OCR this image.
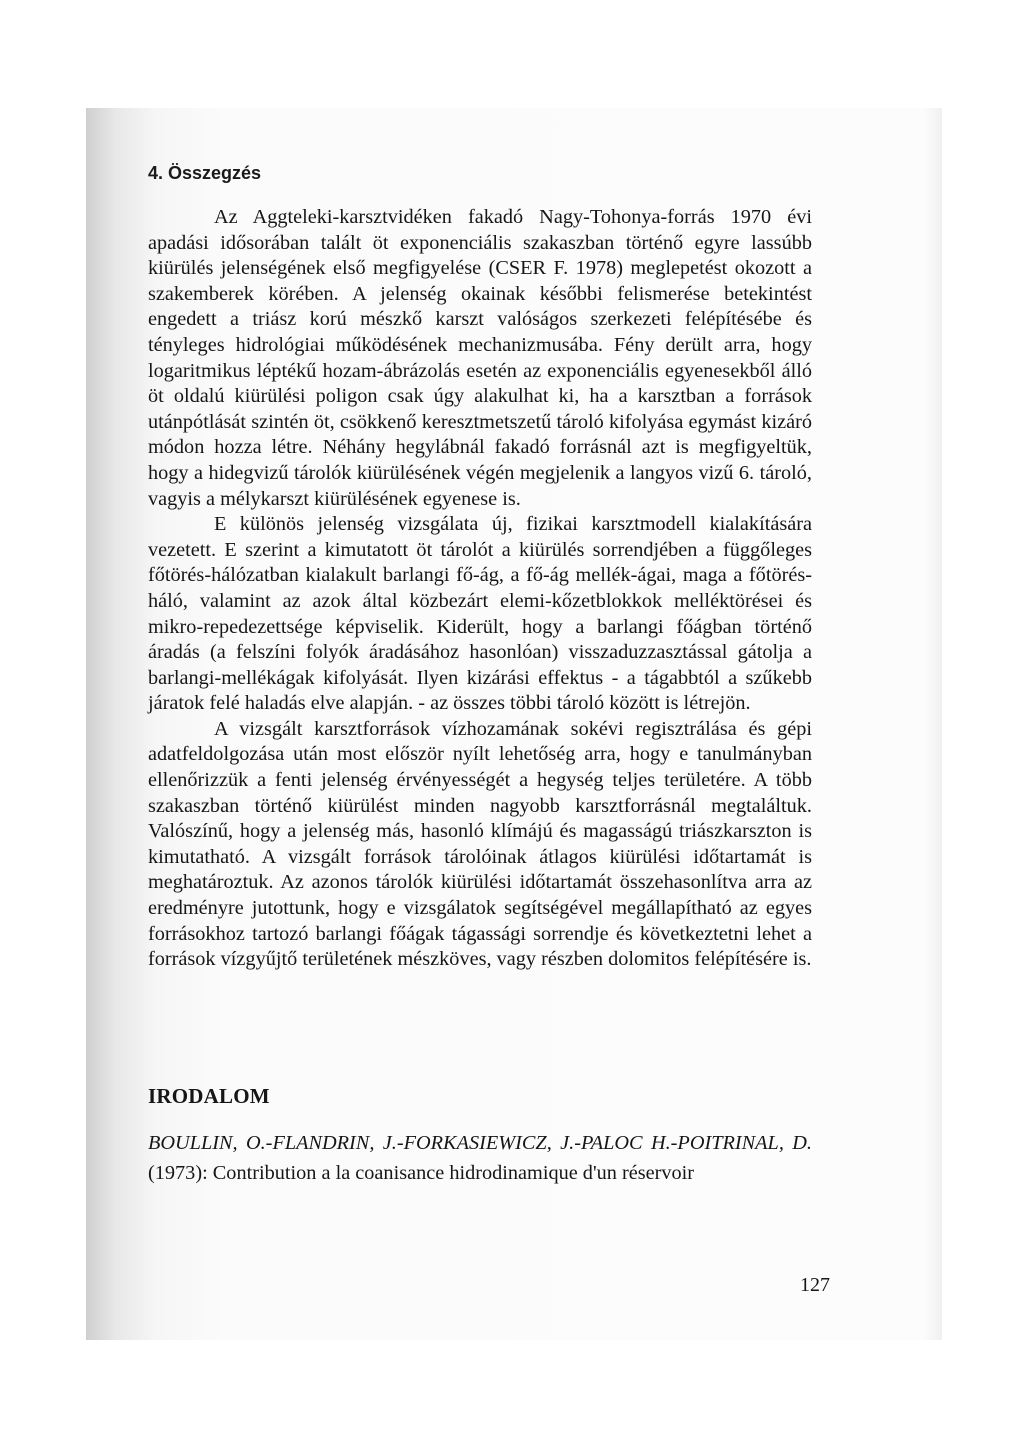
4. Összegzés

Az Aggteleki-karsztvidéken fakadó Nagy-Tohonya-forrás 1970 évi apadási idősorában talált öt exponenciális szakaszban történő egyre lassúbb kiürülés jelenségének első megfigyelése (CSER F. 1978) meglepetést okozott a szakemberek körében. A jelenség okainak későbbi felismerése betekintést engedett a triász korú mészkő karszt valóságos szerkezeti felépítésébe és tényleges hidrológiai működésének mechanizmusába. Fény derült arra, hogy logaritmikus léptékű hozam-ábrázolás esetén az exponenciális egyenesekből álló öt oldalú kiürülési poligon csak úgy alakulhat ki, ha a karsztban a források utánpótlását szintén öt, csökkenő keresztmetszetű tároló kifolyása egymást kizáró módon hozza létre. Néhány hegylábnál fakadó forrásnál azt is megfigyeltük, hogy a hidegvizű tárolók kiürülésének végén megjelenik a langyos vizű 6. tároló, vagyis a mélykarszt kiürülésének egyenese is.

E különös jelenség vizsgálata új, fizikai karsztmodell kialakítására vezetett. E szerint a kimutatott öt tárolót a kiürülés sorrendjében a függőleges főtörés-hálózatban kialakult barlangi fő-ág, a fő-ág mellék-ágai, maga a főtörés-háló, valamint az azok által közbezárt elemi-kőzetblokkok melléktörései és mikro-repedezettsége képviselik. Kiderült, hogy a barlangi főágban történő áradás (a felszíni folyók áradásához hasonlóan) visszaduzzasztással gátolja a barlangi-mellékágak kifolyását. Ilyen kizárási effektus - a tágabbtól a szűkebb járatok felé haladás elve alapján. - az összes többi tároló között is létrejön.

A vizsgált karsztforrások vízhozamának sokévi regisztrálása és gépi adatfeldolgozása után most először nyílt lehetőség arra, hogy e tanulmányban ellenőrizzük a fenti jelenség érvényességét a hegység teljes területére. A több szakaszban történő kiürülést minden nagyobb karsztforrásnál megtaláltuk. Valószínű, hogy a jelenség más, hasonló klímájú és magasságú triászkarszton is kimutatható. A vizsgált források tárolóinak átlagos kiürülési időtartamát is meghatároztuk. Az azonos tárolók kiürülési időtartamát összehasonlítva arra az eredményre jutottunk, hogy e vizsgálatok segítségével megállapítható az egyes forrásokhoz tartozó barlangi főágak tágassági sorrendje és következtetni lehet a források vízgyűjtő területének mészköves, vagy részben dolomitos felépítésére is.

IRODALOM

BOULLIN, O.-FLANDRIN, J.-FORKASIEWICZ, J.-PALOC H.-POITRINAL, D.(1973): Contribution a la coanisance hidrodinamique d'un réservoir

127
